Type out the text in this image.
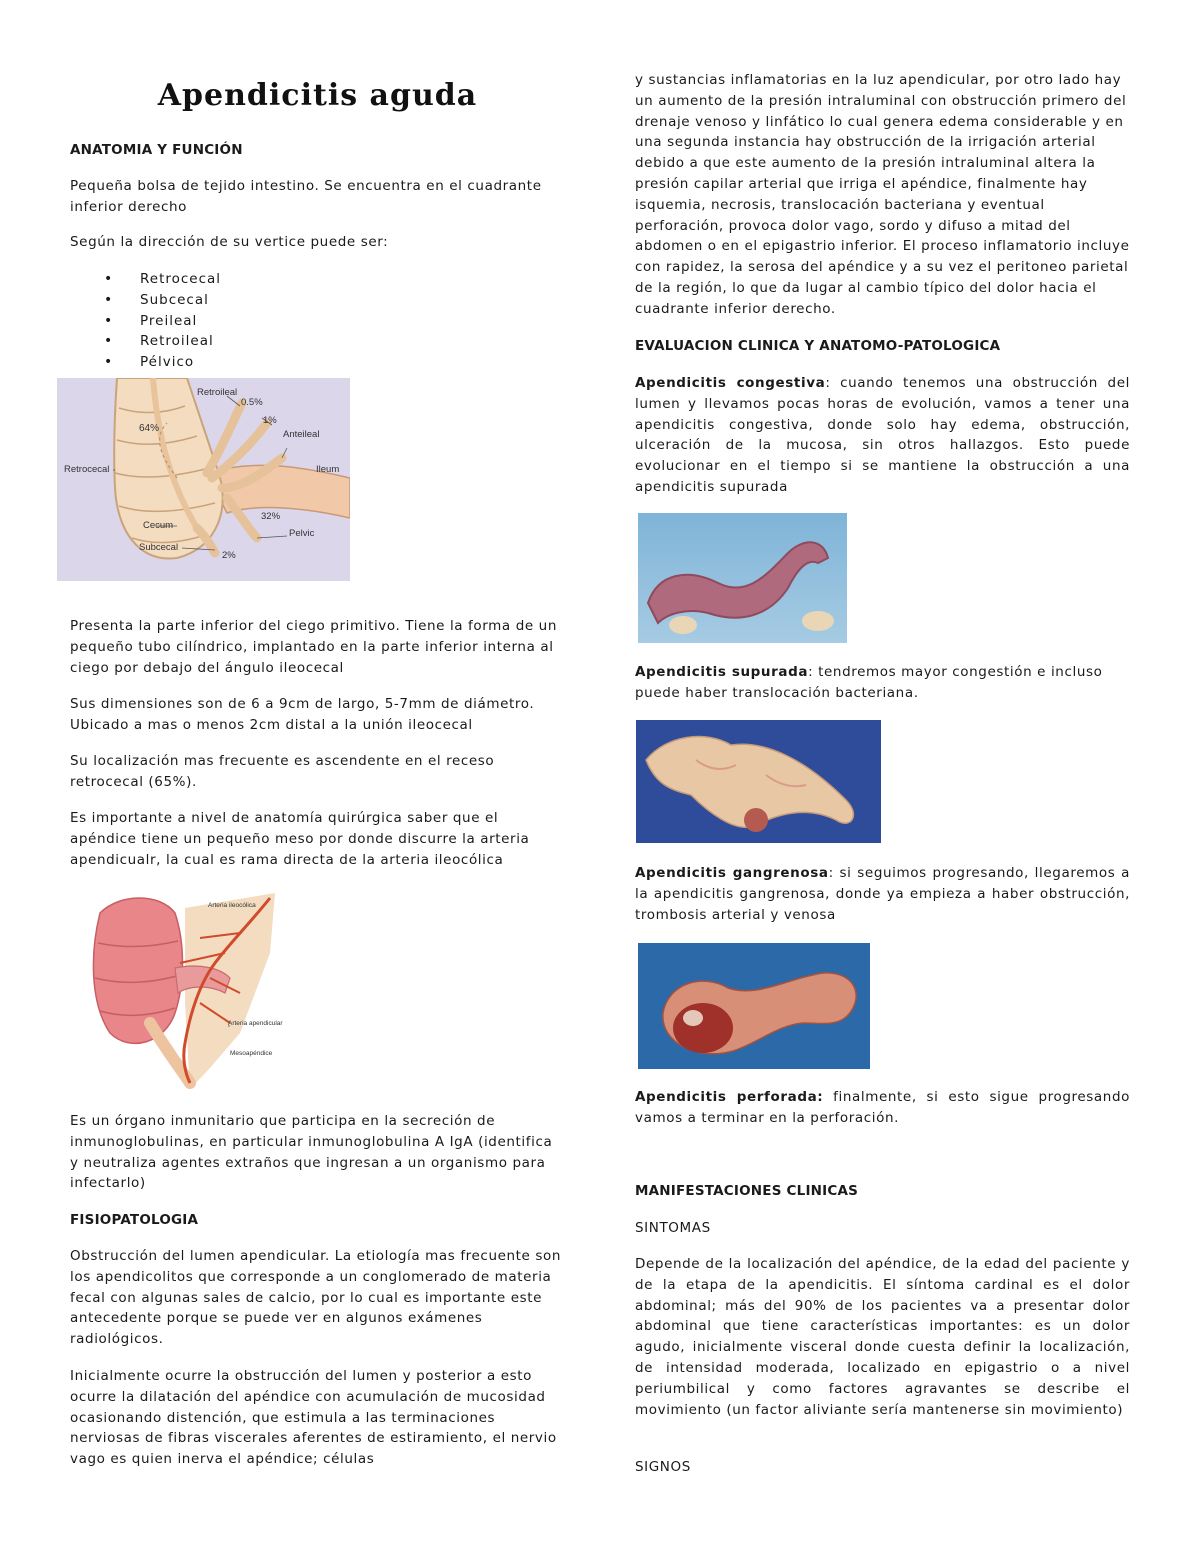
Apendicitis aguda
ANATOMIA Y FUNCIÓN
Pequeña bolsa de tejido intestino. Se encuentra en el cuadrante inferior derecho
Según la dirección de su vertice puede ser:
• Retrocecal
• Subcecal
• Preileal
• Retroileal
• Pélvico
Retroileal
0.5%
1%
Anteileal
64%
Retrocecal	Ileum
32%
Cecum
Pelvic
Subcecal
2%
Presenta la parte inferior del ciego primitivo. Tiene la forma de un pequeño tubo cilíndrico, implantado en la parte inferior interna al ciego por debajo del ángulo ileocecal
Sus dimensiones son de 6 a 9cm de largo, 5-7mm de diámetro.
Ubicado a mas o menos 2cm distal a la unión ileocecal
Su localización mas frecuente es ascendente en el receso retrocecal (65%).
Es importante a nivel de anatomía quirúrgica saber que el apéndice tiene un pequeño meso por donde discurre la arteria apendicualr, la cual es rama directa de la arteria ileocólica
Arteria ileocólica
Arteria apendicular
Mesoapéndice
Es un órgano inmunitario que participa en la secreción de inmunoglobulinas, en particular inmunoglobulina A IgA (identifica y neutraliza agentes extraños que ingresan a un organismo para infectarlo)
FISIOPATOLOGIA
Obstrucción del lumen apendicular. La etiología mas frecuente son los apendicolitos que corresponde a un conglomerado de materia fecal con algunas sales de calcio, por lo cual es importante este antecedente porque se puede ver en algunos exámenes radiológicos.
Inicialmente ocurre la obstrucción del lumen y posterior a esto ocurre la dilatación del apéndice con acumulación de mucosidad ocasionando distención, que estimula a las terminaciones nerviosas de fibras viscerales aferentes de estiramiento, el nervio vago es quien inerva el apéndice; células
y sustancias inflamatorias en la luz apendicular, por otro lado hay un aumento de la presión intraluminal con obstrucción primero del drenaje venoso y linfático lo cual genera edema considerable y en una segunda instancia hay obstrucción de la irrigación arterial debido a que este aumento de la presión intraluminal altera la presión capilar arterial que irriga el apéndice, finalmente hay isquemia, necrosis, translocación bacteriana y eventual perforación, provoca dolor vago, sordo y difuso a mitad del abdomen o en el epigastrio inferior. El proceso inflamatorio incluye con rapidez, la serosa del apéndice y a su vez el peritoneo parietal de la región, lo que da lugar al cambio típico del dolor hacia el cuadrante inferior derecho.
EVALUACION CLINICA Y ANATOMO-PATOLOGICA
Apendicitis congestiva: cuando tenemos una obstrucción del lumen y llevamos pocas horas de evolución, vamos a tener una apendicitis congestiva, donde solo hay edema, obstrucción, ulceración de la mucosa, sin otros hallazgos. Esto puede evolucionar en el tiempo si se mantiene la obstrucción a una apendicitis supurada
Apendicitis supurada: tendremos mayor congestión e incluso puede haber translocación bacteriana.
Apendicitis gangrenosa: si seguimos progresando, llegaremos a la apendicitis gangrenosa, donde ya empieza a haber obstrucción, trombosis arterial y venosa
Apendicitis perforada: finalmente, si esto sigue progresando vamos a terminar en la perforación.
MANIFESTACIONES CLINICAS
SINTOMAS
Depende de la localización del apéndice, de la edad del paciente y de la etapa de la apendicitis. El síntoma cardinal es el dolor abdominal; más del 90% de los pacientes va a presentar dolor abdominal que tiene características importantes: es un dolor agudo, inicialmente visceral donde cuesta definir la localización, de intensidad moderada, localizado en epigastrio o a nivel periumbilical y como factores agravantes se describe el movimiento (un factor aliviante sería mantenerse sin movimiento)
SIGNOS
